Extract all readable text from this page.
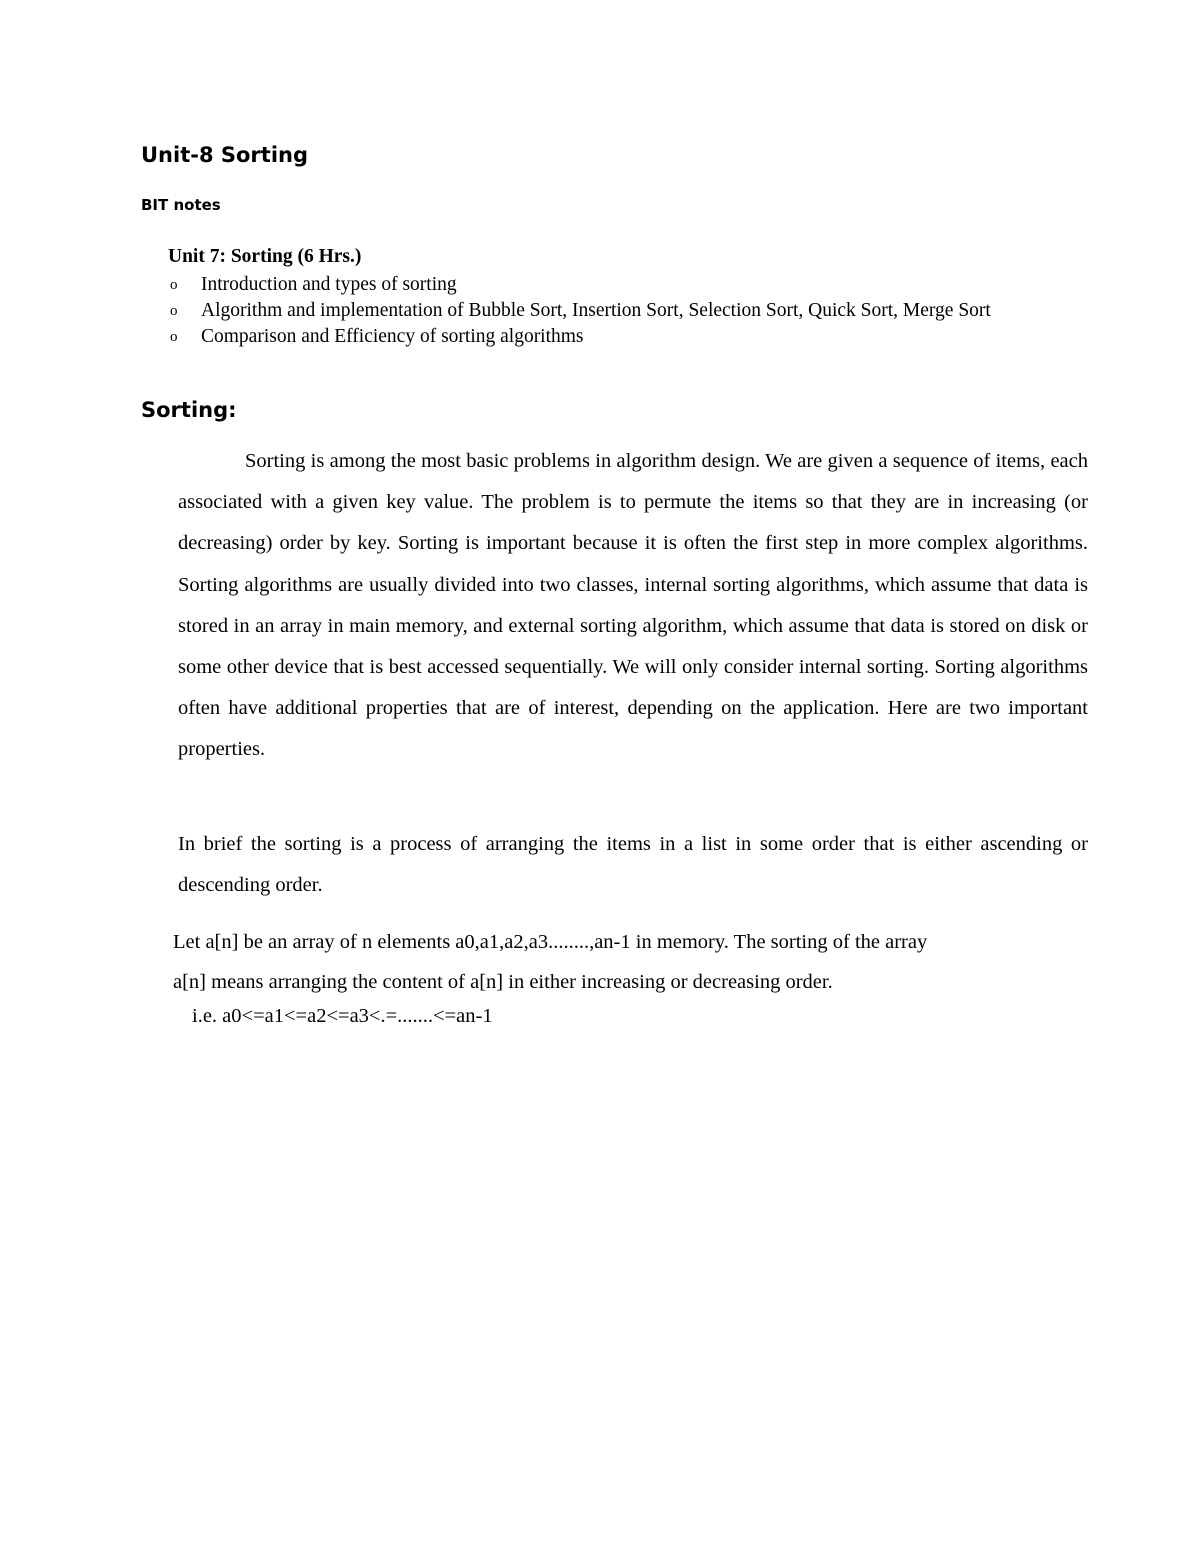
Unit-8 Sorting
BIT notes
Unit 7: Sorting (6 Hrs.)
o Introduction and types of sorting
o Algorithm and implementation of Bubble Sort, Insertion Sort, Selection Sort, Quick Sort, Merge Sort
o Comparison and Efficiency of sorting algorithms
Sorting:

Sorting is among the most basic problems in algorithm design. We are given a sequence of items, each associated with a given key value. The problem is to permute the items so that they are in increasing (or decreasing) order by key. Sorting is important because it is often the first step in more complex algorithms. Sorting algorithms are usually divided into two classes, internal sorting algorithms, which assume that data is stored in an array in main memory, and external sorting algorithm, which assume that data is stored on disk or some other device that is best accessed sequentially. We will only consider internal sorting. Sorting algorithms often have additional properties that are of interest, depending on the application. Here are two important properties.

In brief the sorting is a process of arranging the items in a list in some order that is either ascending or descending order.

Let a[n] be an array of n elements a0,a1,a2,a3........,an-1 in memory. The sorting of the array
a[n] means arranging the content of a[n] in either increasing or decreasing order.
i.e. a0<=a1<=a2<=a3<.=.......<=an-1
